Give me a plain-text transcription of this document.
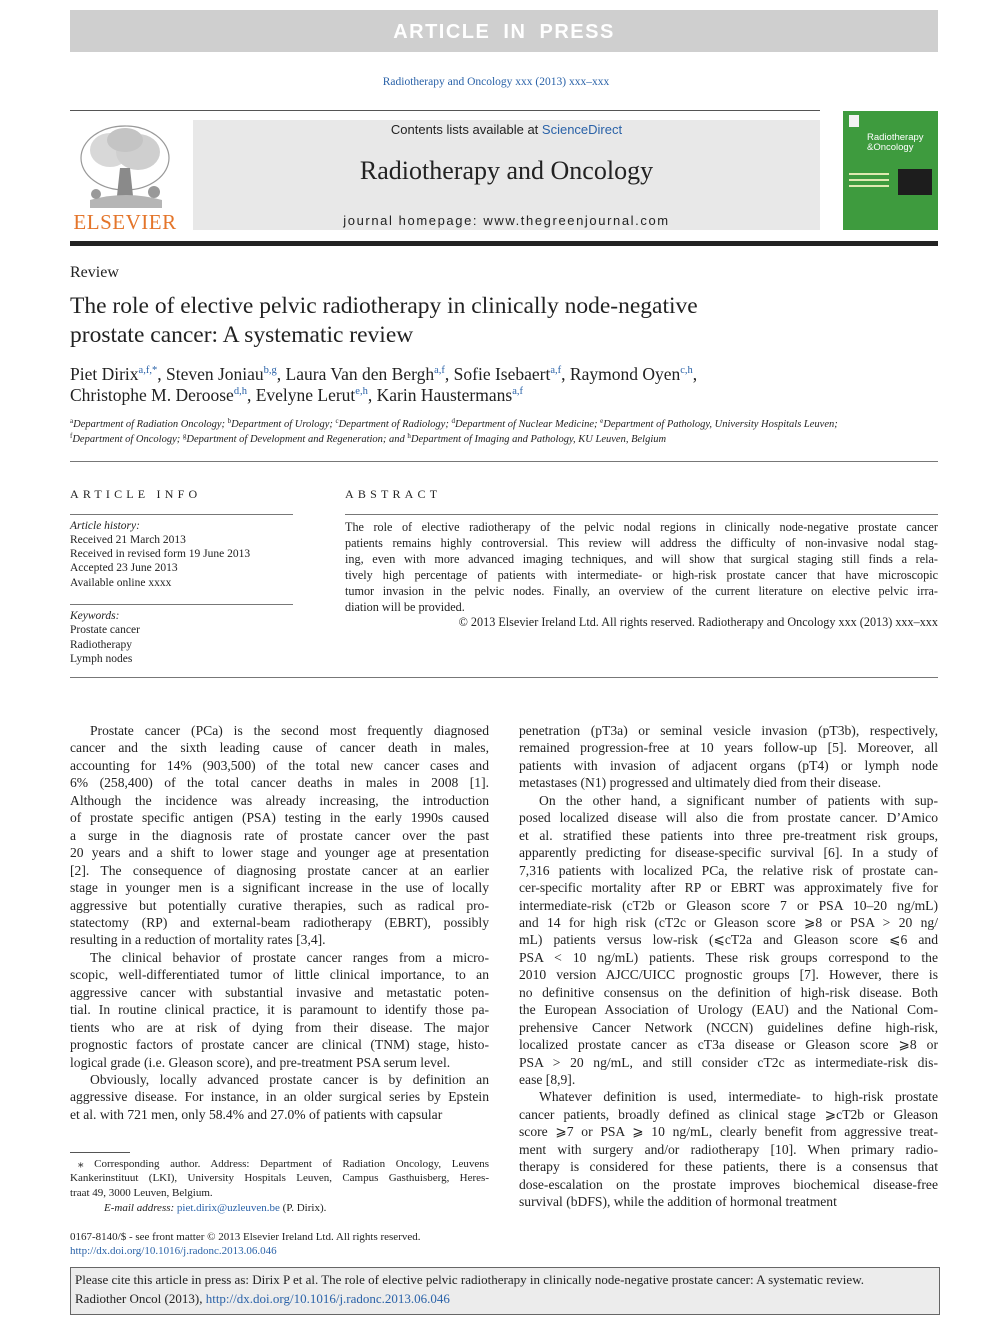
ARTICLE IN PRESS
Radiotherapy and Oncology xxx (2013) xxx–xxx
ELSEVIER
Contents lists available at ScienceDirect
Radiotherapy and Oncology
journal homepage: www.thegreenjournal.com
Radiotherapy
&Oncology
Review
The role of elective pelvic radiotherapy in clinically node-negative
prostate cancer: A systematic review
Piet Dirix$^{a,f,*}$, Steven Joniau$^{b,g}$, Laura Van den Bergh$^{a,f}$, Sofie Isebaert$^{a,f}$, Raymond Oyen$^{c,h}$,
Christophe M. Deroose$^{d,h}$, Evelyne Lerut$^{e,h}$, Karin Haustermans$^{a,f}$
$^a$Department of Radiation Oncology; $^b$Department of Urology; $^c$Department of Radiology; $^d$Department of Nuclear Medicine; $^e$Department of Pathology, University Hospitals Leuven;
$^f$Department of Oncology; $^g$Department of Development and Regeneration; and $^h$Department of Imaging and Pathology, KU Leuven, Belgium
ARTICLE INFO
Article history:
Received 21 March 2013
Received in revised form 19 June 2013
Accepted 23 June 2013
Available online xxxx
Keywords:
Prostate cancer
Radiotherapy
Lymph nodes
ABSTRACT
The role of elective radiotherapy of the pelvic nodal regions in clinically node-negative prostate cancer
patients remains highly controversial. This review will address the difficulty of non-invasive nodal stag-
ing, even with more advanced imaging techniques, and will show that surgical staging still finds a rela-
tively high percentage of patients with intermediate- or high-risk prostate cancer that have microscopic
tumor invasion in the pelvic nodes. Finally, an overview of the current literature on elective pelvic irra-
diation will be provided.
© 2013 Elsevier Ireland Ltd. All rights reserved. Radiotherapy and Oncology xxx (2013) xxx–xxx
Prostate cancer (PCa) is the second most frequently diagnosed
cancer and the sixth leading cause of cancer death in males,
accounting for 14% (903,500) of the total new cancer cases and
6% (258,400) of the total cancer deaths in males in 2008 [1].
Although the incidence was already increasing, the introduction
of prostate specific antigen (PSA) testing in the early 1990s caused
a surge in the diagnosis rate of prostate cancer over the past
20 years and a shift to lower stage and younger age at presentation
[2]. The consequence of diagnosing prostate cancer at an earlier
stage in younger men is a significant increase in the use of locally
aggressive but potentially curative therapies, such as radical pro-
statectomy (RP) and external-beam radiotherapy (EBRT), possibly
resulting in a reduction of mortality rates [3,4].
The clinical behavior of prostate cancer ranges from a micro-
scopic, well-differentiated tumor of little clinical importance, to an
aggressive cancer with substantial invasive and metastatic poten-
tial. In routine clinical practice, it is paramount to identify those pa-
tients who are at risk of dying from their disease. The major
prognostic factors of prostate cancer are clinical (TNM) stage, histo-
logical grade (i.e. Gleason score), and pre-treatment PSA serum level.
Obviously, locally advanced prostate cancer is by definition an
aggressive disease. For instance, in an older surgical series by Epstein
et al. with 721 men, only 58.4% and 27.0% of patients with capsular
penetration (pT3a) or seminal vesicle invasion (pT3b), respectively,
remained progression-free at 10 years follow-up [5]. Moreover, all
patients with invasion of adjacent organs (pT4) or lymph node
metastases (N1) progressed and ultimately died from their disease.
On the other hand, a significant number of patients with sup-
posed localized disease will also die from prostate cancer. D’Amico
et al. stratified these patients into three pre-treatment risk groups,
apparently predicting for disease-specific survival [6]. In a study of
7,316 patients with localized PCa, the relative risk of prostate can-
cer-specific mortality after RP or EBRT was approximately five for
intermediate-risk (cT2b or Gleason score 7 or PSA 10–20 ng/mL)
and 14 for high risk (cT2c or Gleason score ⩾8 or PSA > 20 ng/
mL) patients versus low-risk (⩽cT2a and Gleason score ⩽6 and
PSA < 10 ng/mL) patients. These risk groups correspond to the
2010 version AJCC/UICC prognostic groups [7]. However, there is
no definitive consensus on the definition of high-risk disease. Both
the European Association of Urology (EAU) and the National Com-
prehensive Cancer Network (NCCN) guidelines define high-risk,
localized prostate cancer as cT3a disease or Gleason score ⩾8 or
PSA > 20 ng/mL, and still consider cT2c as intermediate-risk dis-
ease [8,9].
Whatever definition is used, intermediate- to high-risk prostate
cancer patients, broadly defined as clinical stage ⩾cT2b or Gleason
score ⩾7 or PSA ⩾ 10 ng/mL, clearly benefit from aggressive treat-
ment with surgery and/or radiotherapy [10]. When primary radio-
therapy is considered for these patients, there is a consensus that
dose-escalation on the prostate improves biochemical disease-free
survival (bDFS), while the addition of hormonal treatment
⁎ Corresponding author. Address: Department of Radiation Oncology, Leuvens
Kankerinstituut (LKI), University Hospitals Leuven, Campus Gasthuisberg, Heres-
traat 49, 3000 Leuven, Belgium.
E-mail address: piet.dirix@uzleuven.be (P. Dirix).
0167-8140/$ - see front matter © 2013 Elsevier Ireland Ltd. All rights reserved.
http://dx.doi.org/10.1016/j.radonc.2013.06.046
Please cite this article in press as: Dirix P et al. The role of elective pelvic radiotherapy in clinically node-negative prostate cancer: A systematic review.
Radiother Oncol (2013), http://dx.doi.org/10.1016/j.radonc.2013.06.046
